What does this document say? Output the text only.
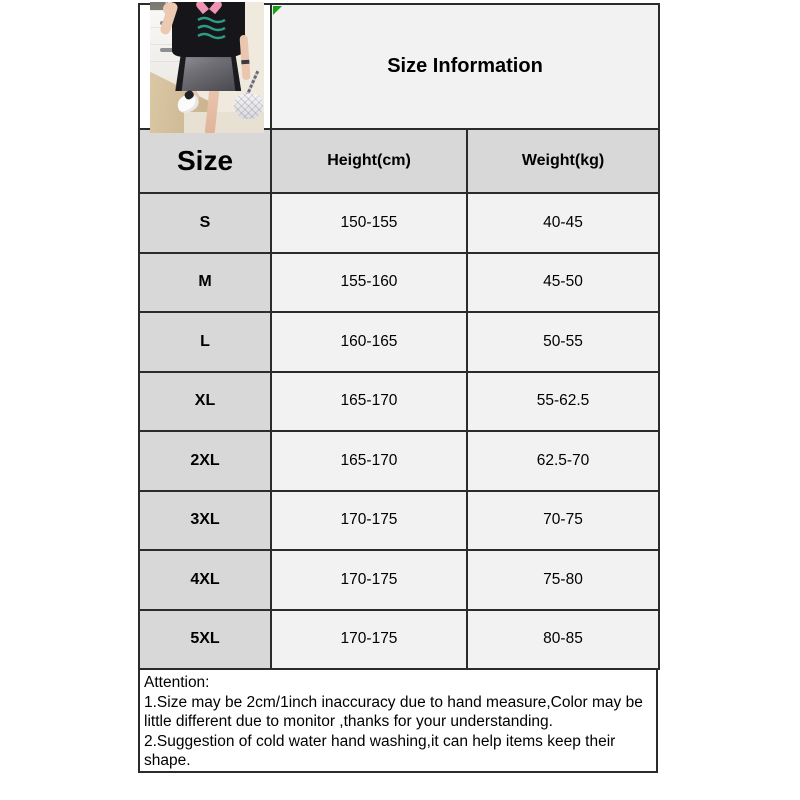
Size Information	
Size	Height(cm)	Weight(kg)
S	150-155	40-45
M	155-160	45-50
L	160-165	50-55
XL	165-170	55-62.5
2XL	165-170	62.5-70
3XL	170-175	70-75
4XL	170-175	75-80
5XL	170-175	80-85

Attention:

1.Size may be 2cm/1inch inaccuracy due to hand measure,Color may be little different due to monitor ,thanks for your understanding.

2.Suggestion of cold water hand washing,it can help items keep their shape.
